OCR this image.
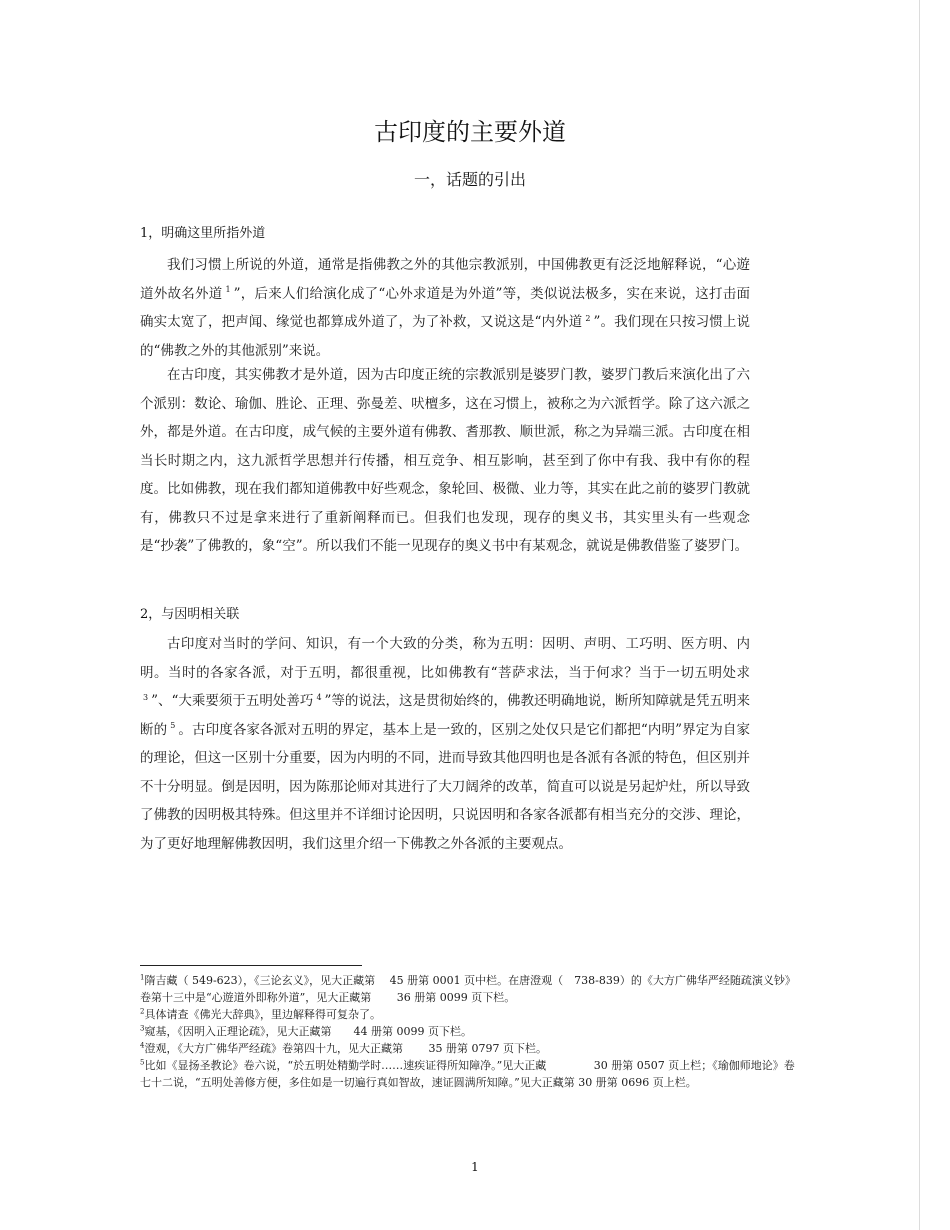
古印度的主要外道
一，话题的引出
1，明确这里所指外道

我们习惯上所说的外道，通常是指佛教之外的其他宗教派别，中国佛教更有泛泛地解释说，“心遊道外故名外道 $^1$ ”，后来人们给演化成了“心外求道是为外道”等，类似说法极多，实在来说，这打击面确实太宽了，把声闻、缘觉也都算成外道了，为了补救，又说这是“内外道 $^2$ ”。我们现在只按习惯上说的“佛教之外的其他派别”来说。

在古印度，其实佛教才是外道，因为古印度正统的宗教派别是婆罗门教，婆罗门教后来演化出了六个派别：数论、瑜伽、胜论、正理、弥曼差、吠檀多，这在习惯上，被称之为六派哲学。除了这六派之外，都是外道。在古印度，成气候的主要外道有佛教、耆那教、顺世派，称之为异端三派。古印度在相当长时期之内，这九派哲学思想并行传播，相互竞争、相互影响，甚至到了你中有我、我中有你的程度。比如佛教，现在我们都知道佛教中好些观念，象轮回、极微、业力等，其实在此之前的婆罗门教就有，佛教只不过是拿来进行了重新阐释而已。但我们也发现，现存的奥义书，其实里头有一些观念是“抄袭”了佛教的，象“空”。所以我们不能一见现存的奥义书中有某观念，就说是佛教借鉴了婆罗门。

2，与因明相关联

古印度对当时的学问、知识，有一个大致的分类，称为五明：因明、声明、工巧明、医方明、内明。当时的各家各派，对于五明，都很重视，比如佛教有“菩萨求法，当于何求？当于一切五明处求$^3$ ”、“大乘要须于五明处善巧 $^4$ ”等的说法，这是贯彻始终的，佛教还明确地说，断所知障就是凭五明来断的 $^5$ 。古印度各家各派对五明的界定，基本上是一致的，区别之处仅只是它们都把“内明”界定为自家的理论，但这一区别十分重要，因为内明的不同，进而导致其他四明也是各派有各派的特色，但区别并不十分明显。倒是因明，因为陈那论师对其进行了大刀阔斧的改革，简直可以说是另起炉灶，所以导致了佛教的因明极其特殊。但这里并不详细讨论因明，只说因明和各家各派都有相当充分的交涉、理论，为了更好地理解佛教因明，我们这里介绍一下佛教之外各派的主要观点。

$^1$隋吉藏（ 549-623），《三论玄义》，见大正藏第　 45 册第 0001 页中栏。在唐澄观（　738-839）的《大方广佛华严经随疏演义钞》卷第十三中是“心遊道外即称外道”，见大正藏第　　 36 册第 0099 页下栏。

$^2$具体请查《佛光大辞典》，里边解释得可复杂了。

$^3$窥基，《因明入正理论疏》，见大正藏第　　44 册第 0099 页下栏。

$^4$澄观，《大方广佛华严经疏》卷第四十九，见大正藏第　　 35 册第 0797 页下栏。

$^5$比如《显扬圣教论》卷六说，“於五明处精勤学时……速疾证得所知障净。”见大正藏　　　　 30 册第 0507 页上栏；《瑜伽师地论》卷七十二说，“五明处善修方便，多住如是一切遍行真如智故，速证圆满所知障。”见大正藏第 30 册第 0696 页上栏。

1
